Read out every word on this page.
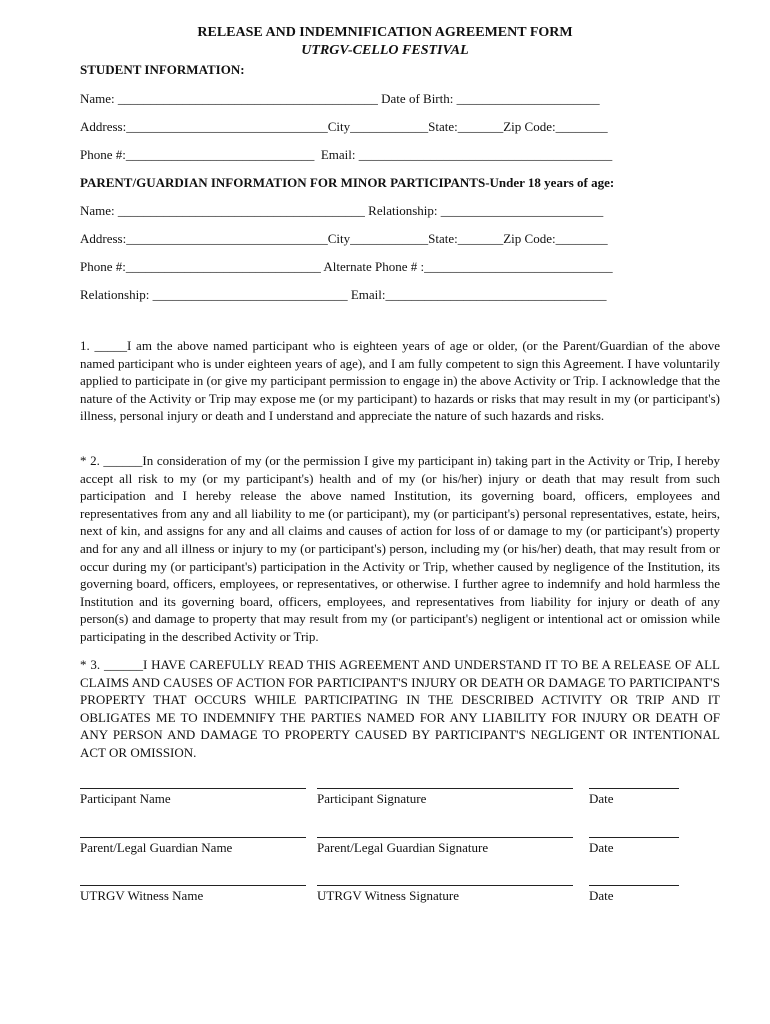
RELEASE AND INDEMNIFICATION AGREEMENT FORM
UTRGV-CELLO FESTIVAL
STUDENT INFORMATION:
Name: ________________________________________ Date of Birth: ______________________
Address:_______________________________City____________State:_______Zip Code:________
Phone #:_____________________________  Email: _______________________________________
PARENT/GUARDIAN INFORMATION FOR MINOR PARTICIPANTS-Under 18 years of age:
Name: ______________________________________ Relationship: _________________________
Address:_______________________________City____________State:_______Zip Code:________
Phone #:______________________________ Alternate Phone # :_____________________________
Relationship: ______________________________ Email:__________________________________
1. _____I am the above named participant who is eighteen years of age or older, (or the Parent/Guardian of the above named participant who is under eighteen years of age), and I am fully competent to sign this Agreement. I have voluntarily applied to participate in (or give my participant permission to engage in) the above Activity or Trip. I acknowledge that the nature of the Activity or Trip may expose me (or my participant) to hazards or risks that may result in my (or participant's) illness, personal injury or death and I understand and appreciate the nature of such hazards and risks.
* 2. ______In consideration of my (or the permission I give my participant in) taking part in the Activity or Trip, I hereby accept all risk to my (or my participant's) health and of my (or his/her) injury or death that may result from such participation and I hereby release the above named Institution, its governing board, officers, employees and representatives from any and all liability to me (or participant), my (or participant's) personal representatives, estate, heirs, next of kin, and assigns for any and all claims and causes of action for loss of or damage to my (or participant's) property and for any and all illness or injury to my (or participant's) person, including my (or his/her) death, that may result from or occur during my (or participant's) participation in the Activity or Trip, whether caused by negligence of the Institution, its governing board, officers, employees, or representatives, or otherwise. I further agree to indemnify and hold harmless the Institution and its governing board, officers, employees, and representatives from liability for injury or death of any person(s) and damage to property that may result from my (or participant's) negligent or intentional act or omission while participating in the described Activity or Trip.
* 3. ______I HAVE CAREFULLY READ THIS AGREEMENT AND UNDERSTAND IT TO BE A RELEASE OF ALL CLAIMS AND CAUSES OF ACTION FOR PARTICIPANT'S INJURY OR DEATH OR DAMAGE TO PARTICIPANT'S PROPERTY THAT OCCURS WHILE PARTICIPATING IN THE DESCRIBED ACTIVITY OR TRIP AND IT OBLIGATES ME TO INDEMNIFY THE PARTIES NAMED FOR ANY LIABILITY FOR INJURY OR DEATH OF ANY PERSON AND DAMAGE TO PROPERTY CAUSED BY PARTICIPANT'S NEGLIGENT OR INTENTIONAL ACT OR OMISSION.
Participant Name	Participant Signature	Date
Parent/Legal Guardian Name	Parent/Legal Guardian Signature	Date
UTRGV Witness Name	UTRGV Witness Signature	Date
